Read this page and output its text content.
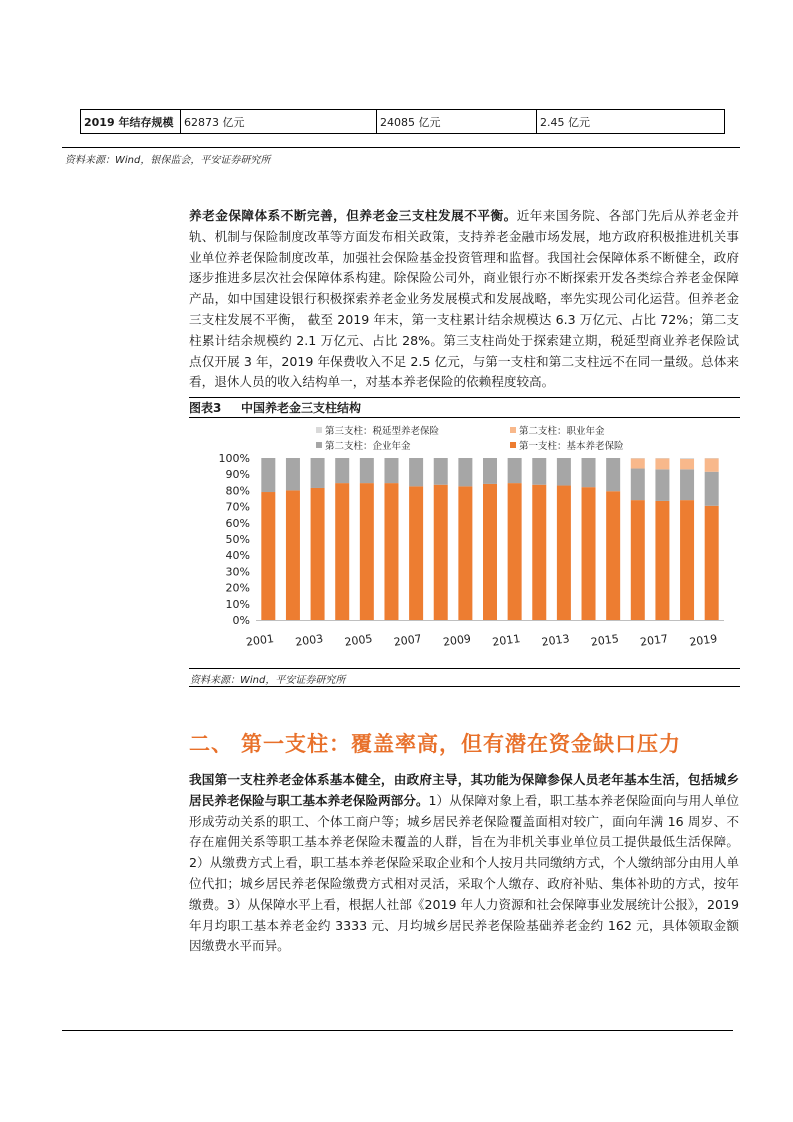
2019 年结存规模 62873 亿元	24085 亿元	2.45 亿元
资料来源：Wind，银保监会，平安证券研究所
养老金保障体系不断完善，但养老金三支柱发展不平衡。近年来国务院、各部门先后从养老金并轨、机制与保险制度改革等方面发布相关政策，支持养老金融市场发展，地方政府积极推进机关事业单位养老保险制度改革，加强社会保险基金投资管理和监督。我国社会保障体系不断健全，政府逐步推进多层次社会保障体系构建。除保险公司外，商业银行亦不断探索开发各类综合养老金保障产品，如中国建设银行积极探索养老金业务发展模式和发展战略，率先实现公司化运营。但养老金三支柱发展不平衡， 截至 2019 年末，第一支柱累计结余规模达 6.3 万亿元、占比 72%；第二支柱累计结余规模约 2.1 万亿元、占比 28%。第三支柱尚处于探索建立期，税延型商业养老保险试点仅开展 3 年，2019 年保费收入不足 2.5 亿元，与第一支柱和第二支柱远不在同一量级。总体来看，退休人员的收入结构单一，对基本养老保险的依赖程度较高。
图表3 中国养老金三支柱结构
第三支柱：税延型养老保险	第二支柱：职业年金
第二支柱：企业年金	第一支柱：基本养老保险
0%
10%
20%
30%
40%
50%
60%
70%
80%
90%
100%
2001 2003 2005 2007 2009 2011 2013 2015 2017 2019
资料来源：Wind，平安证券研究所
二、 第一支柱：覆盖率高，但有潜在资金缺口压力
我国第一支柱养老金体系基本健全，由政府主导，其功能为保障参保人员老年基本生活，包括城乡居民养老保险与职工基本养老保险两部分。1）从保障对象上看，职工基本养老保险面向与用人单位形成劳动关系的职工、个体工商户等；城乡居民养老保险覆盖面相对较广，面向年满 16 周岁、不存在雇佣关系等职工基本养老保险未覆盖的人群，旨在为非机关事业单位员工提供最低生活保障。2）从缴费方式上看，职工基本养老保险采取企业和个人按月共同缴纳方式，个人缴纳部分由用人单位代扣；城乡居民养老保险缴费方式相对灵活，采取个人缴存、政府补贴、集体补助的方式，按年缴费。3）从保障水平上看，根据人社部《2019 年人力资源和社会保障事业发展统计公报》，2019 年月均职工基本养老金约 3333 元、月均城乡居民养老保险基础养老金约 162 元，具体领取金额因缴费水平而异。
